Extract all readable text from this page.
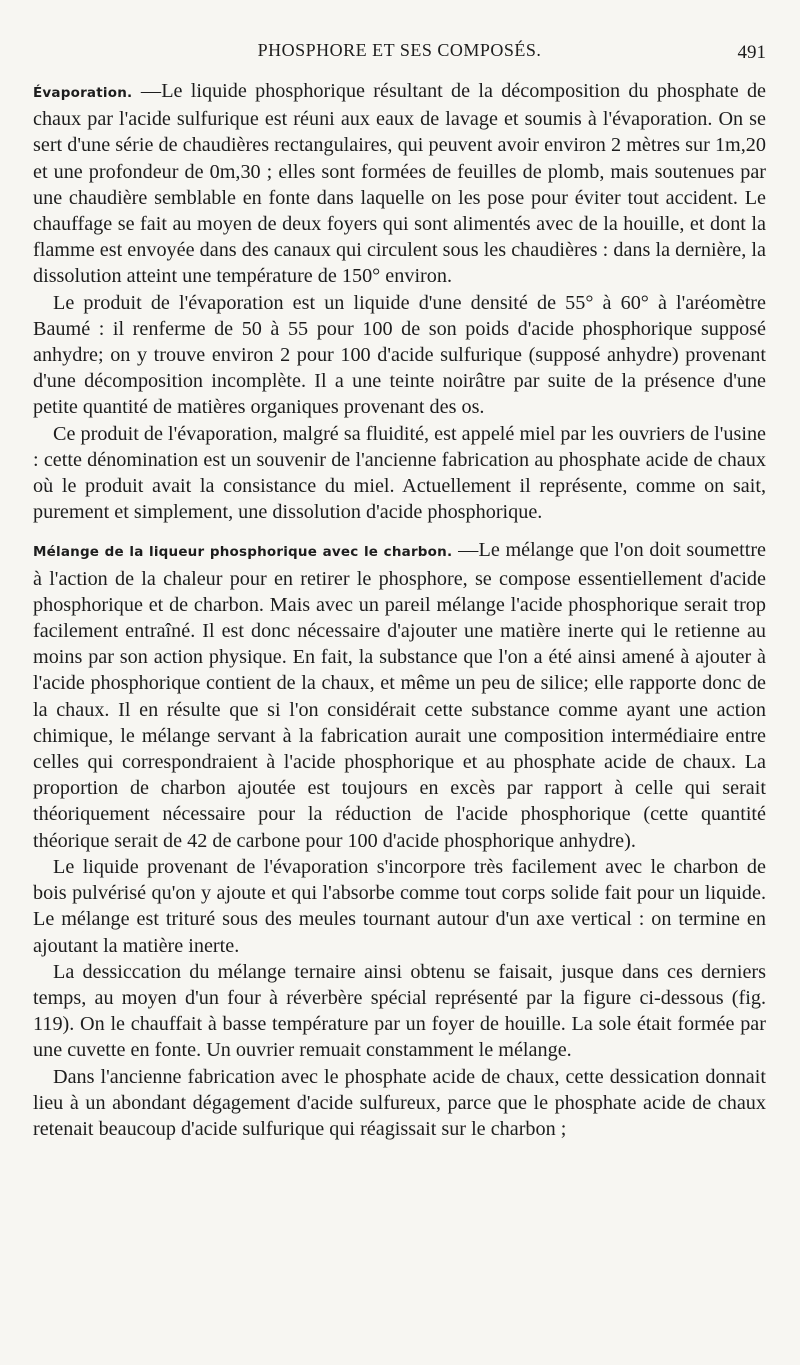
PHOSPHORE ET SES COMPOSÉS.	491

Évaporation. — Le liquide phosphorique résultant de la décomposition du phosphate de chaux par l'acide sulfurique est réuni aux eaux de lavage et soumis à l'évaporation. On se sert d'une série de chaudières rectangulaires, qui peuvent avoir environ 2 mètres sur 1m,20 et une profondeur de 0m,30 ; elles sont formées de feuilles de plomb, mais soutenues par une chaudière semblable en fonte dans laquelle on les pose pour éviter tout accident. Le chauffage se fait au moyen de deux foyers qui sont alimentés avec de la houille, et dont la flamme est envoyée dans des canaux qui circulent sous les chaudières : dans la dernière, la dissolution atteint une température de 150° environ.

Le produit de l'évaporation est un liquide d'une densité de 55° à 60° à l'aréomètre Baumé : il renferme de 50 à 55 pour 100 de son poids d'acide phosphorique supposé anhydre; on y trouve environ 2 pour 100 d'acide sulfurique (supposé anhydre) provenant d'une décomposition incomplète. Il a une teinte noirâtre par suite de la présence d'une petite quantité de matières organiques provenant des os.

Ce produit de l'évaporation, malgré sa fluidité, est appelé miel par les ouvriers de l'usine : cette dénomination est un souvenir de l'ancienne fabrication au phosphate acide de chaux où le produit avait la consistance du miel. Actuellement il représente, comme on sait, purement et simplement, une dissolution d'acide phosphorique.

Mélange de la liqueur phosphorique avec le charbon. — Le mélange que l'on doit soumettre à l'action de la chaleur pour en retirer le phosphore, se compose essentiellement d'acide phosphorique et de charbon. Mais avec un pareil mélange l'acide phosphorique serait trop facilement entraîné. Il est donc nécessaire d'ajouter une matière inerte qui le retienne au moins par son action physique. En fait, la substance que l'on a été ainsi amené à ajouter à l'acide phosphorique contient de la chaux, et même un peu de silice; elle rapporte donc de la chaux. Il en résulte que si l'on considérait cette substance comme ayant une action chimique, le mélange servant à la fabrication aurait une composition intermédiaire entre celles qui correspondraient à l'acide phosphorique et au phosphate acide de chaux. La proportion de charbon ajoutée est toujours en excès par rapport à celle qui serait théoriquement nécessaire pour la réduction de l'acide phosphorique (cette quantité théorique serait de 42 de carbone pour 100 d'acide phosphorique anhydre).

Le liquide provenant de l'évaporation s'incorpore très facilement avec le charbon de bois pulvérisé qu'on y ajoute et qui l'absorbe comme tout corps solide fait pour un liquide. Le mélange est trituré sous des meules tournant autour d'un axe vertical : on termine en ajoutant la matière inerte.

La dessiccation du mélange ternaire ainsi obtenu se faisait, jusque dans ces derniers temps, au moyen d'un four à réverbère spécial représenté par la figure ci-dessous (fig. 119). On le chauffait à basse température par un foyer de houille. La sole était formée par une cuvette en fonte. Un ouvrier remuait constamment le mélange.

Dans l'ancienne fabrication avec le phosphate acide de chaux, cette dessication donnait lieu à un abondant dégagement d'acide sulfureux, parce que le phosphate acide de chaux retenait beaucoup d'acide sulfurique qui réagissait sur le charbon ;
